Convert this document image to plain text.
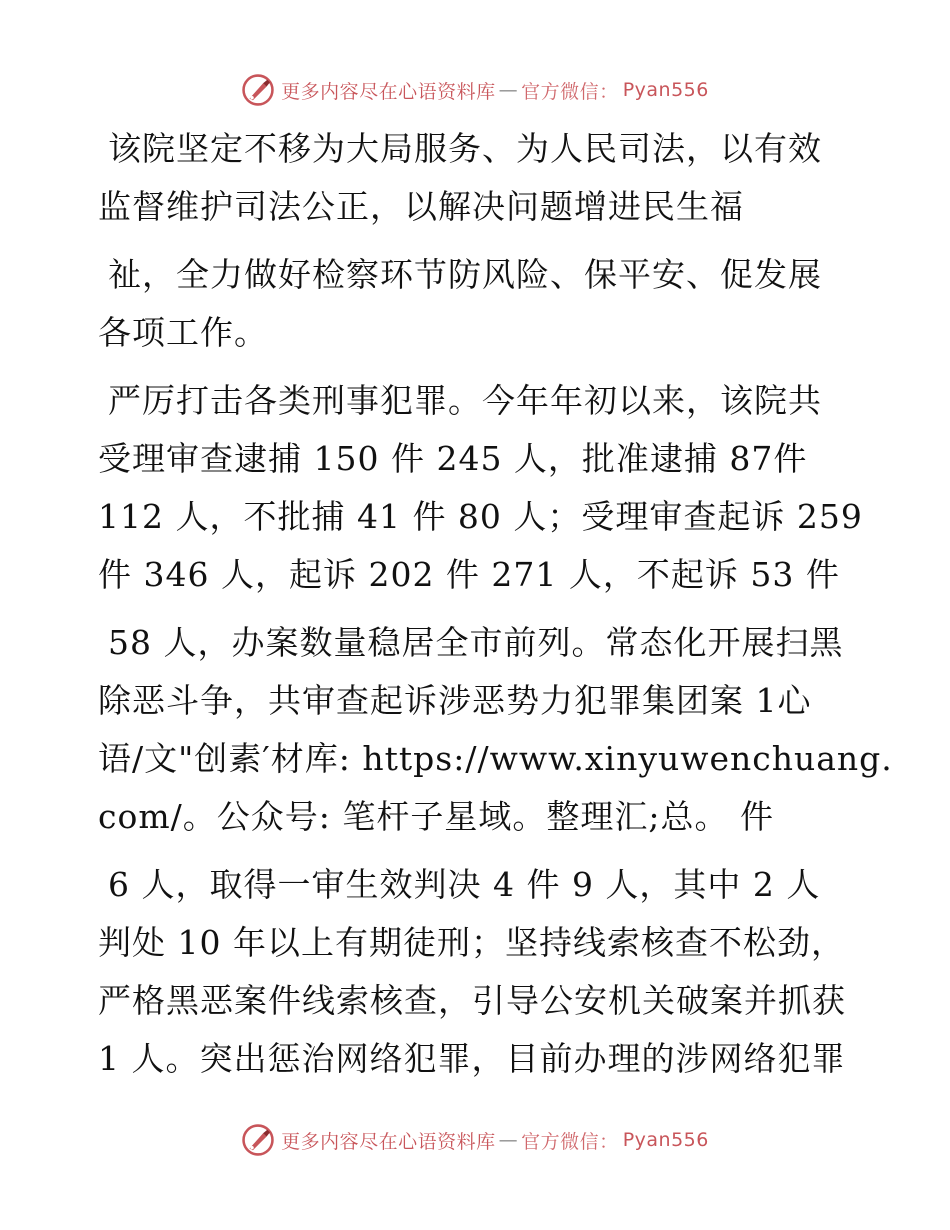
更多内容尽在心语资料库 — 官方微信： Pyan556
该院坚定不移为大局服务、为人民司法，以有效
监督维护司法公正，以解决问题增进民生福
祉，全力做好检察环节防风险、保平安、促发展
各项工作。
严厉打击各类刑事犯罪。今年年初以来，该院共
受理审查逮捕 150 件 245 人，批准逮捕 87件
112 人，不批捕 41 件 80 人；受理审查起诉 259
件 346 人，起诉 202 件 271 人，不起诉 53 件
58 人，办案数量稳居全市前列。常态化开展扫黑
除恶斗争，共审查起诉涉恶势力犯罪集团案 1心
语/文"创素′材库: https://www.xinyuwenchuang.
com/。公众号: 笔杆子星域。整理汇;总。 件
6 人，取得一审生效判决 4 件 9 人，其中 2 人
判处 10 年以上有期徒刑；坚持线索核查不松劲，
严格黑恶案件线索核查，引导公安机关破案并抓获
1 人。突出惩治网络犯罪，目前办理的涉网络犯罪
更多内容尽在心语资料库 — 官方微信： Pyan556
